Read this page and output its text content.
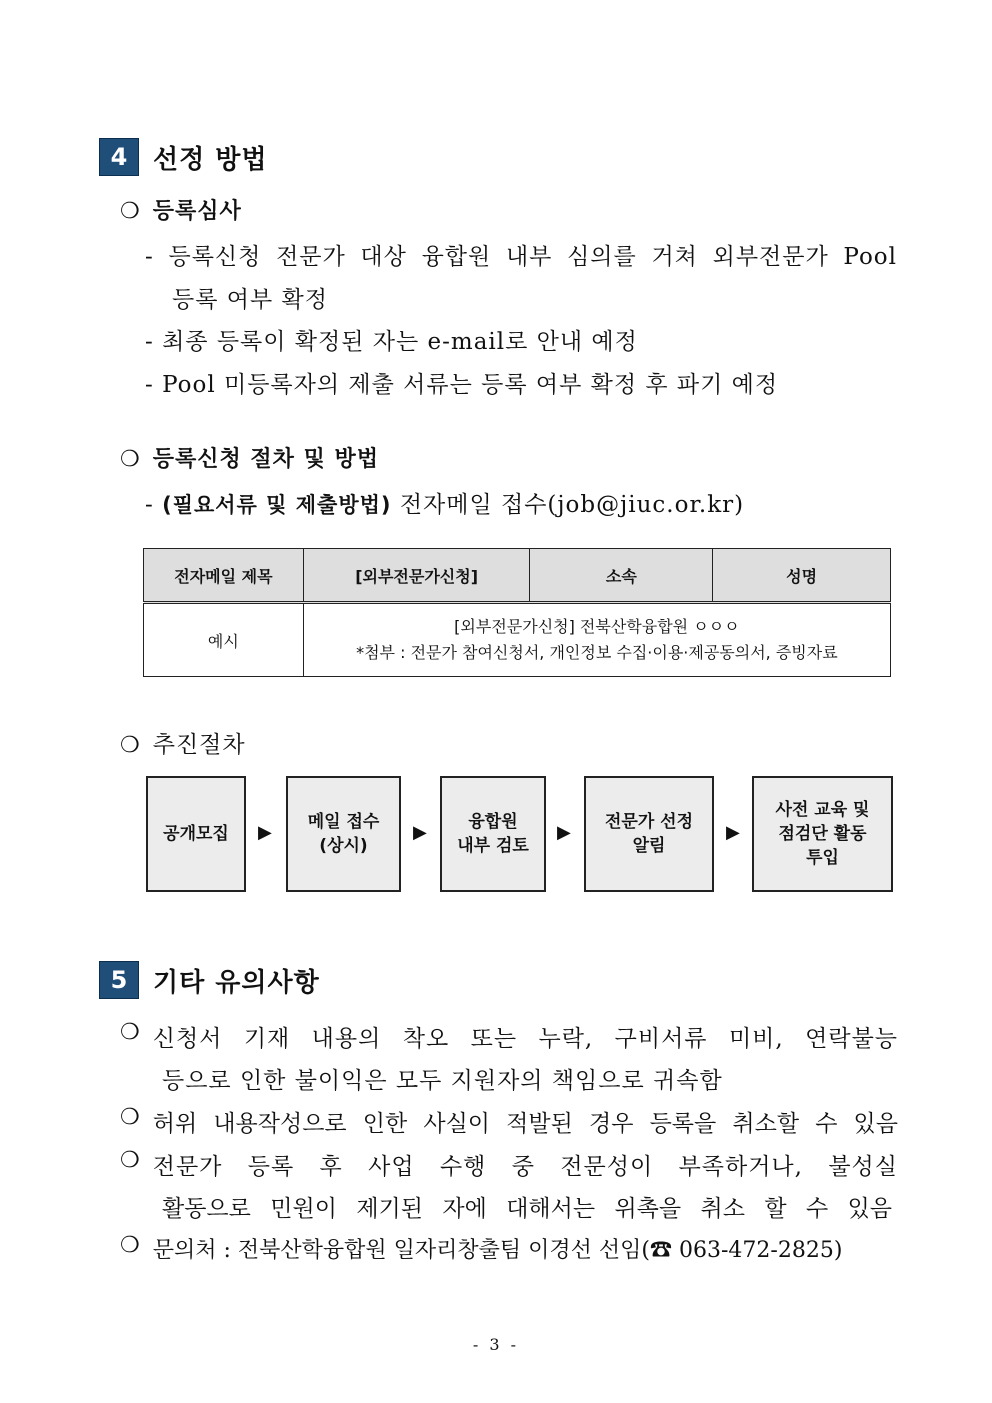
4 선정 방법
❍ 등록심사
- 등록신청 전문가 대상 융합원 내부 심의를 거쳐 외부전문가 Pool
등록 여부 확정
- 최종 등록이 확정된 자는 e-mail로 안내 예정
- Pool 미등록자의 제출 서류는 등록 여부 확정 후 파기 예정
❍ 등록신청 절차 및 방법
- (필요서류 및 제출방법) 전자메일 접수(job@jiuc.or.kr)
전자메일 제목	[외부전문가신청]	소속	성명
예시	[외부전문가신청] 전북산학융합원 ㅇㅇㅇ
*첨부 : 전문가 참여신청서, 개인정보 수집·이용·제공동의서, 증빙자료		
❍ 추진절차
공개모집	▶	메일 접수
(상시)
▶	융합원
내부 검토
▶	전문가 선정
알림
▶
사전 교육 및
점검단 활동
투입
5 기타 유의사항
❍ 신청서 기재 내용의 착오 또는 누락, 구비서류 미비, 연락불능
등으로 인한 불이익은 모두 지원자의 책임으로 귀속함
❍ 허위 내용작성으로 인한 사실이 적발된 경우 등록을 취소할 수 있음
❍ 전문가 등록 후 사업 수행 중 전문성이 부족하거나, 불성실
활동으로 민원이 제기된 자에 대해서는 위촉을 취소 할 수 있음
❍ 문의처 : 전북산학융합원 일자리창출팀 이경선 선임(☎ 063-472-2825)
- 3 -
